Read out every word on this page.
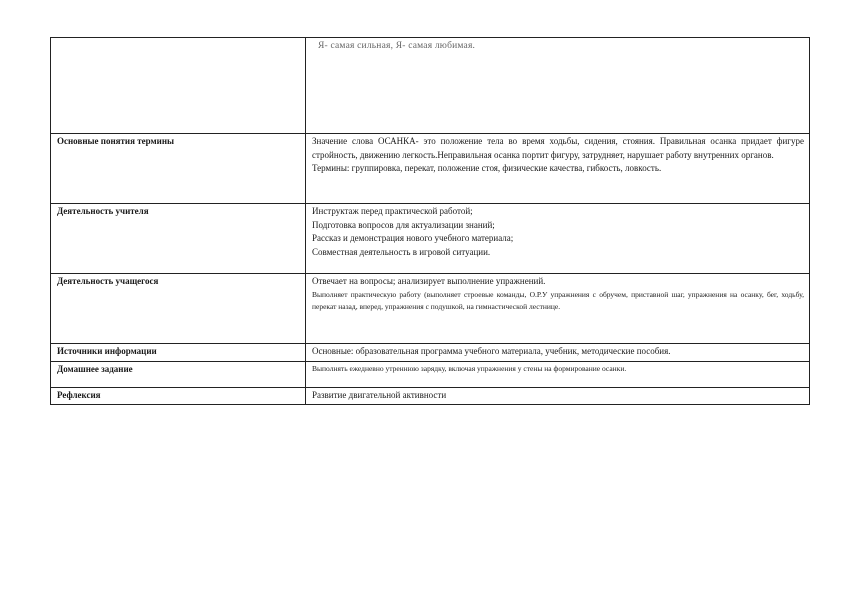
	Я- самая сильная, Я- самая любимая.
Основные понятия термины	Значение слова ОСАНКА- это положение тела во время ходьбы, сидения, стояния. Правильная осанка придает фигуре стройность, движению легкость.Неправильная осанка портит фигуру, затрудняет, нарушает работу внутренних органов.
Термины: группировка, перекат, положение стоя, физические качества, гибкость, ловкость.

Деятельность учителя	Инструктаж перед практической работой;
Подготовка вопросов для актуализации знаний;
Рассказ и демонстрация нового учебного материала;
Совместная деятельность в игровой ситуации.

Деятельность учащегося	Отвечает на вопросы; анализирует выполнение упражнений.
Выполняет практическую работу (выполняет строевые команды, О.Р.У упражнения с обручем, приставной шаг, упражнения на осанку, бег, ходьбу, перекат назад, вперед, упражнения с подушкой, на гимнастической лестнице.

Источники информации	Основные: образовательная программа учебного материала, учебник, методические пособия.

Домашнее задание	Выполнять ежедневно утреннюю зарядку, включая упражнения у стены на формирование осанки.

Рефлексия	Развитие двигательной активности
